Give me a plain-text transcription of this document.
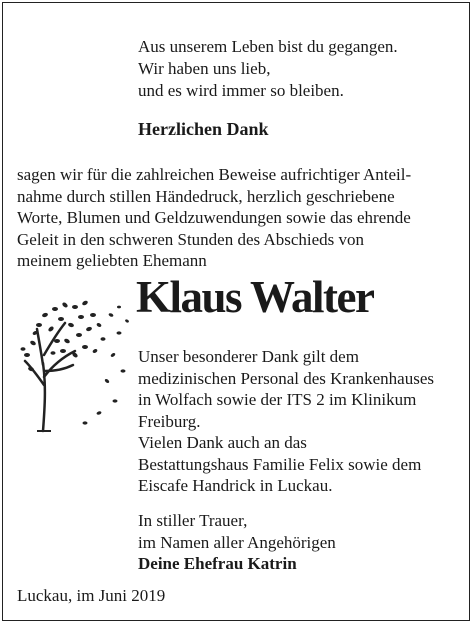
Aus unserem Leben bist du gegangen.
Wir haben uns lieb,
und es wird immer so bleiben.
Herzlichen Dank
sagen wir für die zahlreichen Beweise aufrichtiger Anteil-
nahme durch stillen Händedruck, herzlich geschriebene
Worte, Blumen und Geldzuwendungen sowie das ehrende
Geleit in den schweren Stunden des Abschieds von
meinem geliebten Ehemann
Klaus Walter
Unser besonderer Dank gilt dem
medizinischen Personal des Krankenhauses
in Wolfach sowie der ITS 2 im Klinikum
Freiburg.
Vielen Dank auch an das
Bestattungshaus Familie Felix sowie dem
Eiscafe Handrick in Luckau.
In stiller Trauer,
im Namen aller Angehörigen
Deine Ehefrau Katrin
Luckau, im Juni 2019
